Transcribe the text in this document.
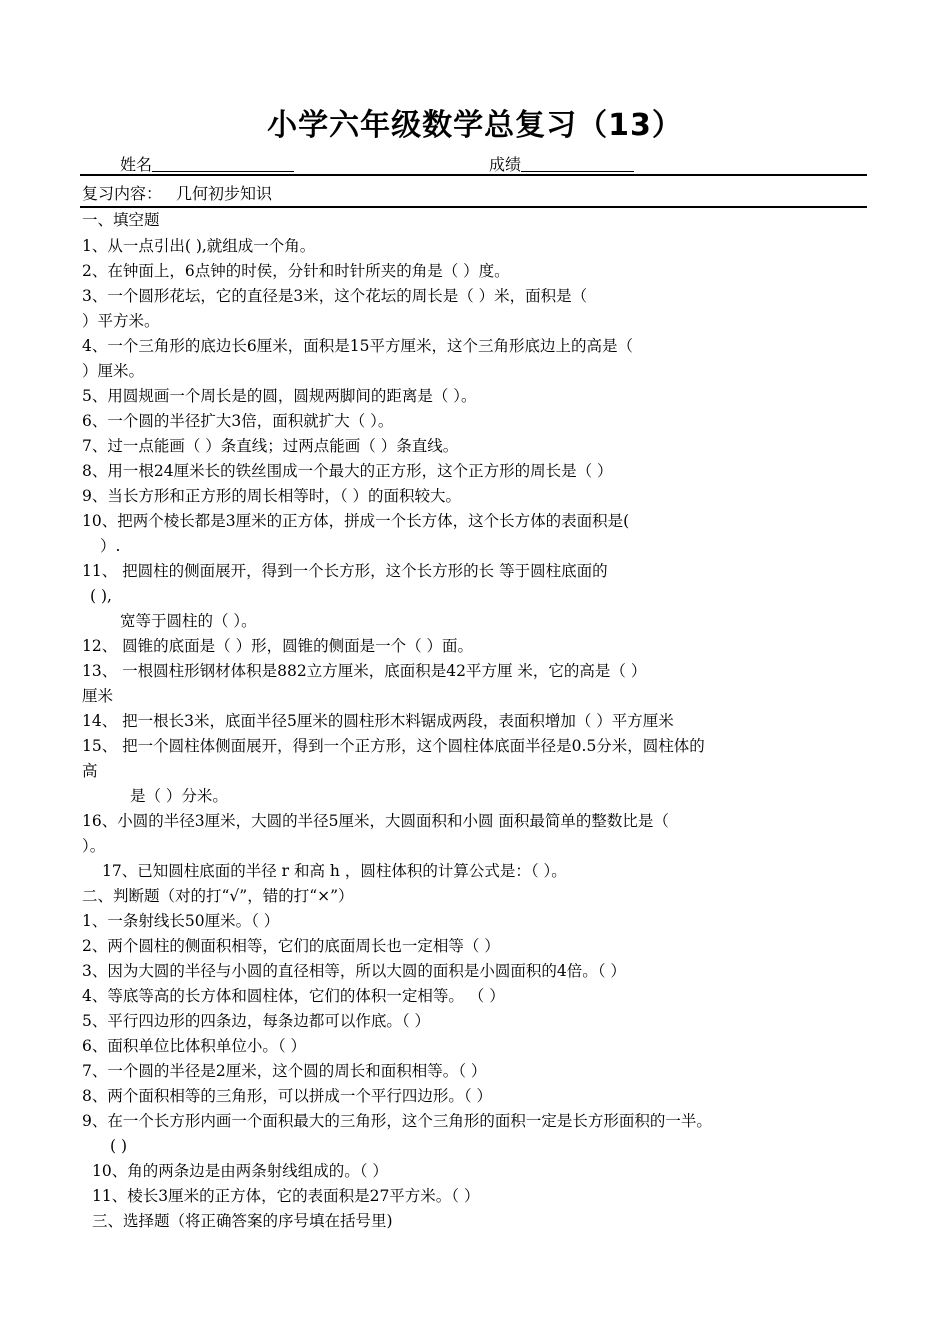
小学六年级数学总复习（13）
姓名	成绩
复习内容： 几何初步知识
一、填空题
1、从一点引出( ),就组成一个角。
2、在钟面上，6点钟的时侯，分针和时针所夹的角是（ ）度。
3、一个圆形花坛，它的直径是3米，这个花坛的周长是（ ）米，面积是（
）平方米。
4、一个三角形的底边长6厘米，面积是15平方厘米，这个三角形底边上的高是（
）厘米。
5、用圆规画一个周长是的圆，圆规两脚间的距离是（ ）。
6、一个圆的半径扩大3倍，面积就扩大（ ）。
7、过一点能画（ ）条直线；过两点能画（ ）条直线。
8、用一根24厘米长的铁丝围成一个最大的正方形，这个正方形的周长是（ ）
9、当长方形和正方形的周长相等时，（ ）的面积较大。
10、把两个棱长都是3厘米的正方体，拼成一个长方体，这个长方体的表面积是(
）.
11、 把圆柱的侧面展开，得到一个长方形，这个长方形的长 等于圆柱底面的
( ),
宽等于圆柱的（ ）。
12、 圆锥的底面是（ ）形，圆锥的侧面是一个（ ）面。
13、 一根圆柱形钢材体积是882立方厘米，底面积是42平方厘 米，它的高是（ ）
厘米
14、 把一根长3米，底面半径5厘米的圆柱形木料锯成两段，表面积增加（ ）平方厘米
15、 把一个圆柱体侧面展开，得到一个正方形，这个圆柱体底面半径是0.5分米，圆柱体的
高
是（ ）分米。
16、小圆的半径3厘米，大圆的半径5厘米，大圆面积和小圆 面积最简单的整数比是（
）。
17、已知圆柱底面的半径 r 和高 h ，圆柱体积的计算公式是：（ ）。
二、判断题（对的打“√”，错的打“×”）
1、一条射线长50厘米。（ ）
2、两个圆柱的侧面积相等，它们的底面周长也一定相等（ ）
3、因为大圆的半径与小圆的直径相等，所以大圆的面积是小圆面积的4倍。（ ）
4、等底等高的长方体和圆柱体，它们的体积一定相等。 （ ）
5、平行四边形的四条边，每条边都可以作底。（ ）
6、面积单位比体积单位小。（ ）
7、一个圆的半径是2厘米，这个圆的周长和面积相等。（ ）
8、两个面积相等的三角形，可以拼成一个平行四边形。（ ）
9、在一个长方形内画一个面积最大的三角形，这个三角形的面积一定是长方形面积的一半。
( )
10、角的两条边是由两条射线组成的。（ ）
11、棱长3厘米的正方体，它的表面积是27平方米。（ ）
三、选择题（将正确答案的序号填在括号里)
